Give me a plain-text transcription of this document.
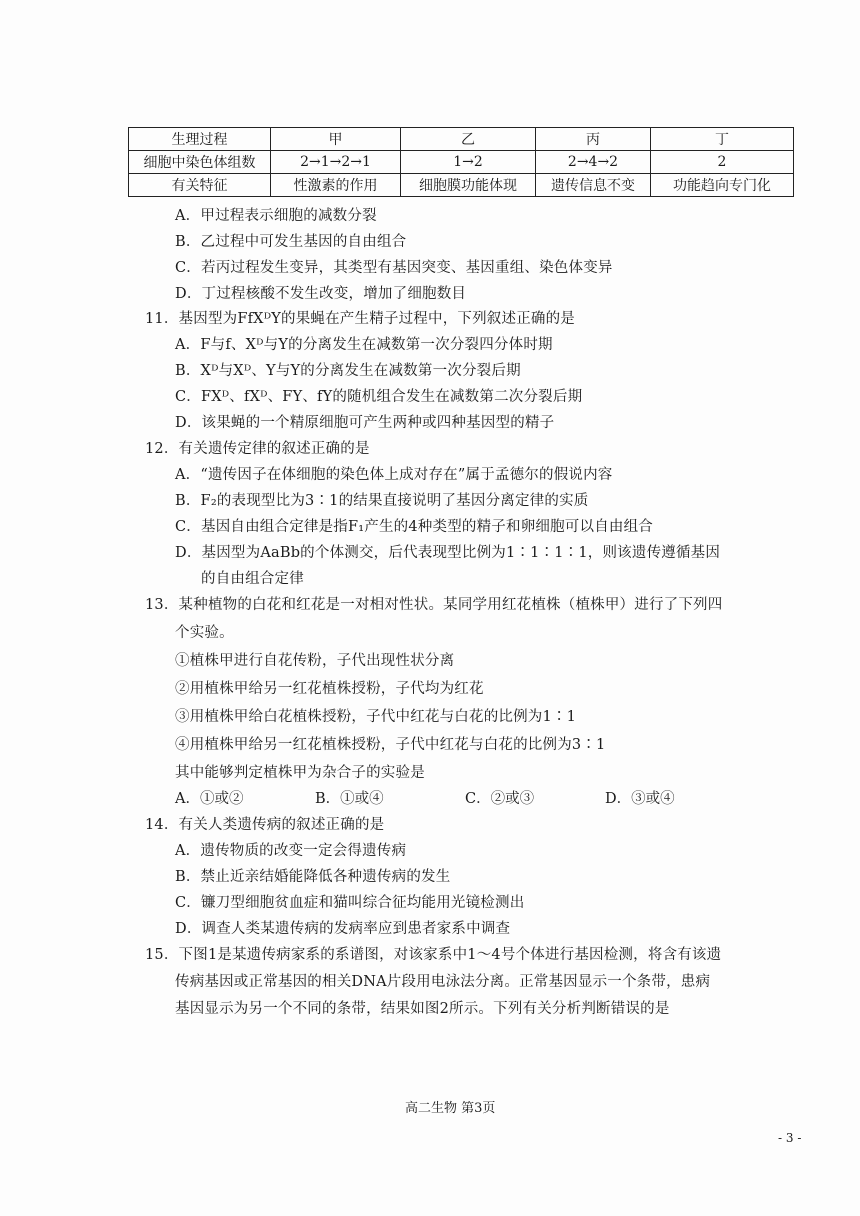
生理过程	甲	乙	丙	丁
细胞中染色体组数	2→1→2→1	1→2	2→4→2	2
有关特征	性激素的作用	细胞膜功能体现	遗传信息不变	功能趋向专门化
A．甲过程表示细胞的减数分裂
B．乙过程中可发生基因的自由组合
C．若丙过程发生变异，其类型有基因突变、基因重组、染色体变异
D．丁过程核酸不发生改变，增加了细胞数目
11．基因型为FfXᴰY的果蝇在产生精子过程中，下列叙述正确的是
A．F与f、Xᴰ与Y的分离发生在减数第一次分裂四分体时期
B．Xᴰ与Xᴰ、Y与Y的分离发生在减数第一次分裂后期
C．FXᴰ、fXᴰ、FY、fY的随机组合发生在减数第二次分裂后期
D．该果蝇的一个精原细胞可产生两种或四种基因型的精子
12．有关遗传定律的叙述正确的是
A．“遗传因子在体细胞的染色体上成对存在”属于孟德尔的假说内容
B．F₂的表现型比为3∶1的结果直接说明了基因分离定律的实质
C．基因自由组合定律是指F₁产生的4种类型的精子和卵细胞可以自由组合
D．基因型为AaBb的个体测交，后代表现型比例为1∶1∶1∶1，则该遗传遵循基因
的自由组合定律
13．某种植物的白花和红花是一对相对性状。某同学用红花植株（植株甲）进行了下列四
个实验。
①植株甲进行自花传粉，子代出现性状分离
②用植株甲给另一红花植株授粉，子代均为红花
③用植株甲给白花植株授粉，子代中红花与白花的比例为1∶1
④用植株甲给另一红花植株授粉，子代中红花与白花的比例为3∶1
其中能够判定植株甲为杂合子的实验是
A．①或②	B．①或④	C．②或③	D．③或④
14．有关人类遗传病的叙述正确的是
A．遗传物质的改变一定会得遗传病
B．禁止近亲结婚能降低各种遗传病的发生
C．镰刀型细胞贫血症和猫叫综合征均能用光镜检测出
D．调查人类某遗传病的发病率应到患者家系中调查
15．下图1是某遗传病家系的系谱图，对该家系中1～4号个体进行基因检测，将含有该遗
传病基因或正常基因的相关DNA片段用电泳法分离。正常基因显示一个条带，患病
基因显示为另一个不同的条带，结果如图2所示。下列有关分析判断错误的是
高二生物 第3页
- 3 -
